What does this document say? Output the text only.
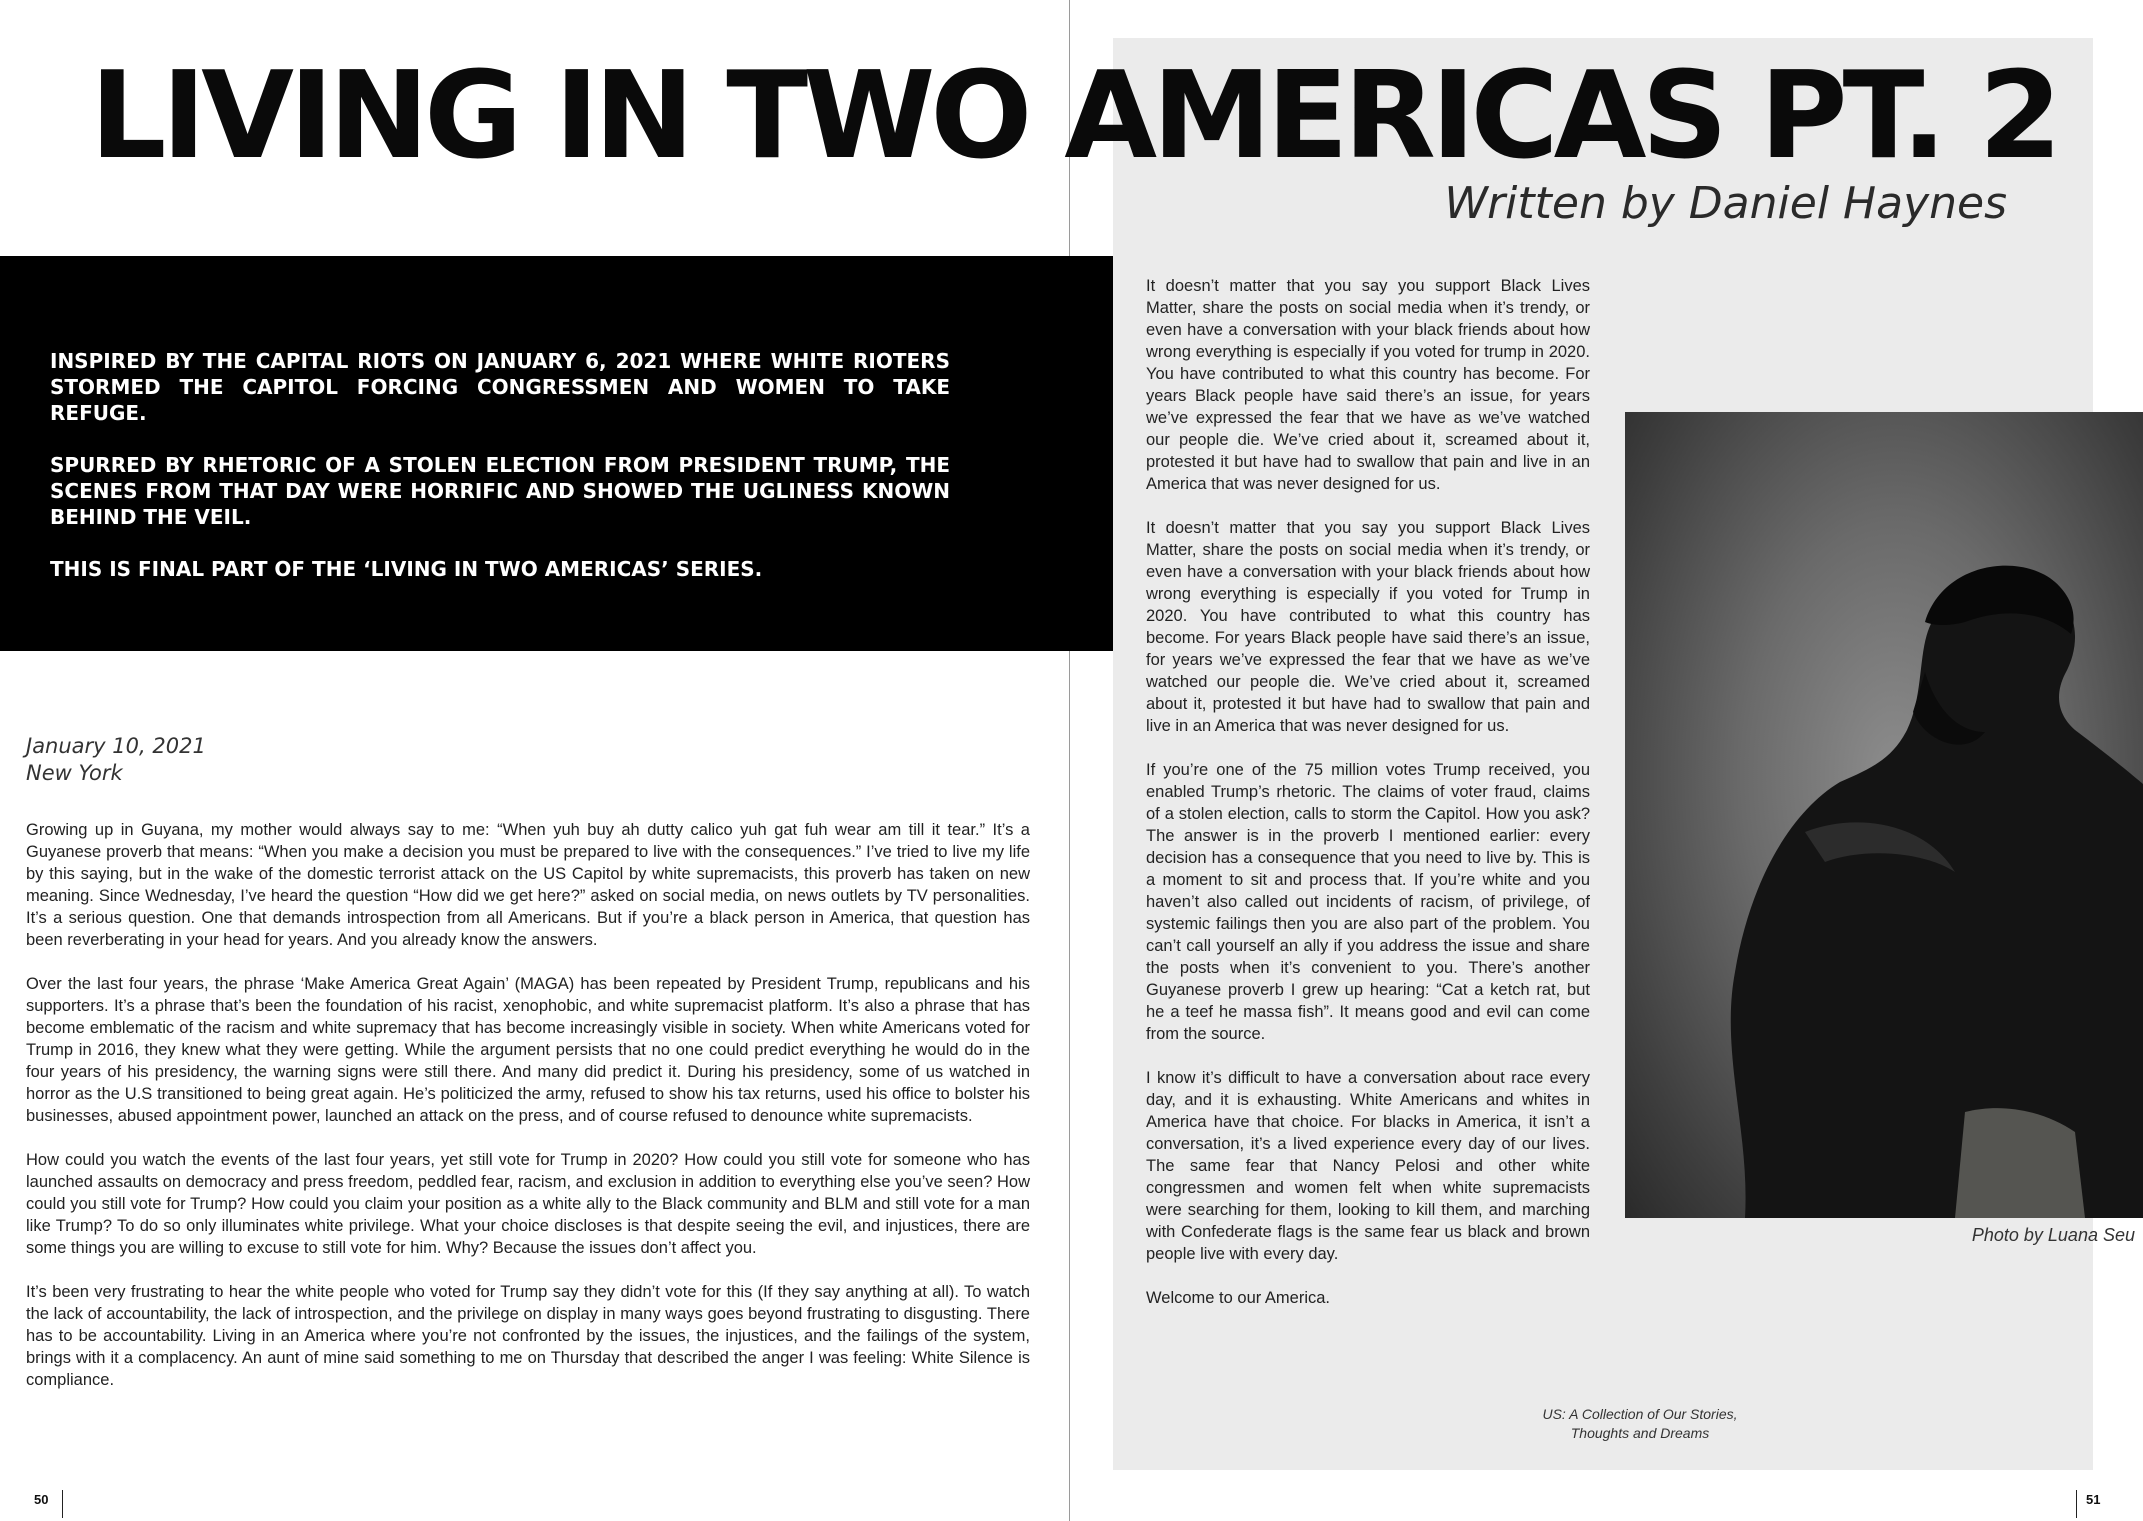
LIVING IN TWO AMERICAS PT. 2

Written by Daniel Haynes

INSPIRED BY THE CAPITAL RIOTS ON JANUARY 6, 2021 WHERE WHITE RIOTERS STORMED THE CAPITOL FORCING CONGRESSMEN AND WOMEN TO TAKE REFUGE.

SPURRED BY RHETORIC OF A STOLEN ELECTION FROM PRESIDENT TRUMP, THE SCENES FROM THAT DAY WERE HORRIFIC AND SHOWED THE UGLINESS KNOWN BEHIND THE VEIL.

THIS IS FINAL PART OF THE ‘LIVING IN TWO AMERICAS’ SERIES.

January 10, 2021
New York

Growing up in Guyana, my mother would always say to me: “When yuh buy ah dutty calico yuh gat fuh wear am till it tear.” It’s a Guyanese proverb that means: “When you make a decision you must be prepared to live with the consequences.” I’ve tried to live my life by this saying, but in the wake of the domestic terrorist attack on the US Capitol by white supremacists, this proverb has taken on new meaning. Since Wednesday, I’ve heard the question “How did we get here?” asked on social media, on news outlets by TV personalities. It’s a serious question. One that demands introspection from all Americans. But if you’re a black person in America, that question has been reverberating in your head for years. And you already know the answers.

Over the last four years, the phrase ‘Make America Great Again’ (MAGA) has been repeated by President Trump, republicans and his supporters. It’s a phrase that’s been the foundation of his racist, xenophobic, and white supremacist platform. It’s also a phrase that has become emblematic of the racism and white supremacy that has become increasingly visible in society. When white Americans voted for Trump in 2016, they knew what they were getting. While the argument persists that no one could predict everything he would do in the four years of his presidency, the warning signs were still there. And many did predict it. During his presidency, some of us watched in horror as the U.S transitioned to being great again. He’s politicized the army, refused to show his tax returns, used his office to bolster his businesses, abused appointment power, launched an attack on the press, and of course refused to denounce white supremacists.

How could you watch the events of the last four years, yet still vote for Trump in 2020? How could you still vote for someone who has launched assaults on democracy and press freedom, peddled fear, racism, and exclusion in addition to everything else you’ve seen? How could you still vote for Trump? How could you claim your position as a white ally to the Black community and BLM and still vote for a man like Trump? To do so only illuminates white privilege. What your choice discloses is that despite seeing the evil, and injustices, there are some things you are willing to excuse to still vote for him. Why? Because the issues don’t affect you.

It’s been very frustrating to hear the white people who voted for Trump say they didn’t vote for this (If they say anything at all). To watch the lack of accountability, the lack of introspection, and the privilege on display in many ways goes beyond frustrating to disgusting. There has to be accountability. Living in an America where you’re not confronted by the issues, the injustices, and the failings of the system, brings with it a complacency. An aunt of mine said something to me on Thursday that described the anger I was feeling: White Silence is compliance.

It doesn’t matter that you say you support Black Lives Matter, share the posts on social media when it’s trendy, or even have a conversation with your black friends about how wrong everything is especially if you voted for trump in 2020. You have contributed to what this country has become. For years Black people have said there’s an issue, for years we’ve expressed the fear that we have as we’ve watched our people die. We’ve cried about it, screamed about it, protested it but have had to swallow that pain and live in an America that was never designed for us.

It doesn’t matter that you say you support Black Lives Matter, share the posts on social media when it’s trendy, or even have a conversation with your black friends about how wrong everything is especially if you voted for Trump in 2020. You have contributed to what this country has become. For years Black people have said there’s an issue, for years we’ve expressed the fear that we have as we’ve watched our people die. We’ve cried about it, screamed about it, protested it but have had to swallow that pain and live in an America that was never designed for us.

If you’re one of the 75 million votes Trump received, you enabled Trump’s rhetoric. The claims of voter fraud, claims of a stolen election, calls to storm the Capitol. How you ask? The answer is in the proverb I mentioned earlier: every decision has a consequence that you need to live by. This is a moment to sit and process that. If you’re white and you haven’t also called out incidents of racism, of privilege, of systemic failings then you are also part of the problem. You can’t call yourself an ally if you address the issue and share the posts when it’s convenient to you. There’s another Guyanese proverb I grew up hearing: “Cat a ketch rat, but he a teef he massa fish”. It means good and evil can come from the source.

I know it’s difficult to have a conversation about race every day, and it is exhausting. White Americans and whites in America have that choice. For blacks in America, it isn’t a conversation, it’s a lived experience every day of our lives. The same fear that Nancy Pelosi and other white congressmen and women felt when white supremacists were searching for them, looking to kill them, and marching with Confederate flags is the same fear us black and brown people live with every day.

Welcome to our America.

Photo by Luana Seu

US: A Collection of Our Stories,
Thoughts and Dreams

50	51
